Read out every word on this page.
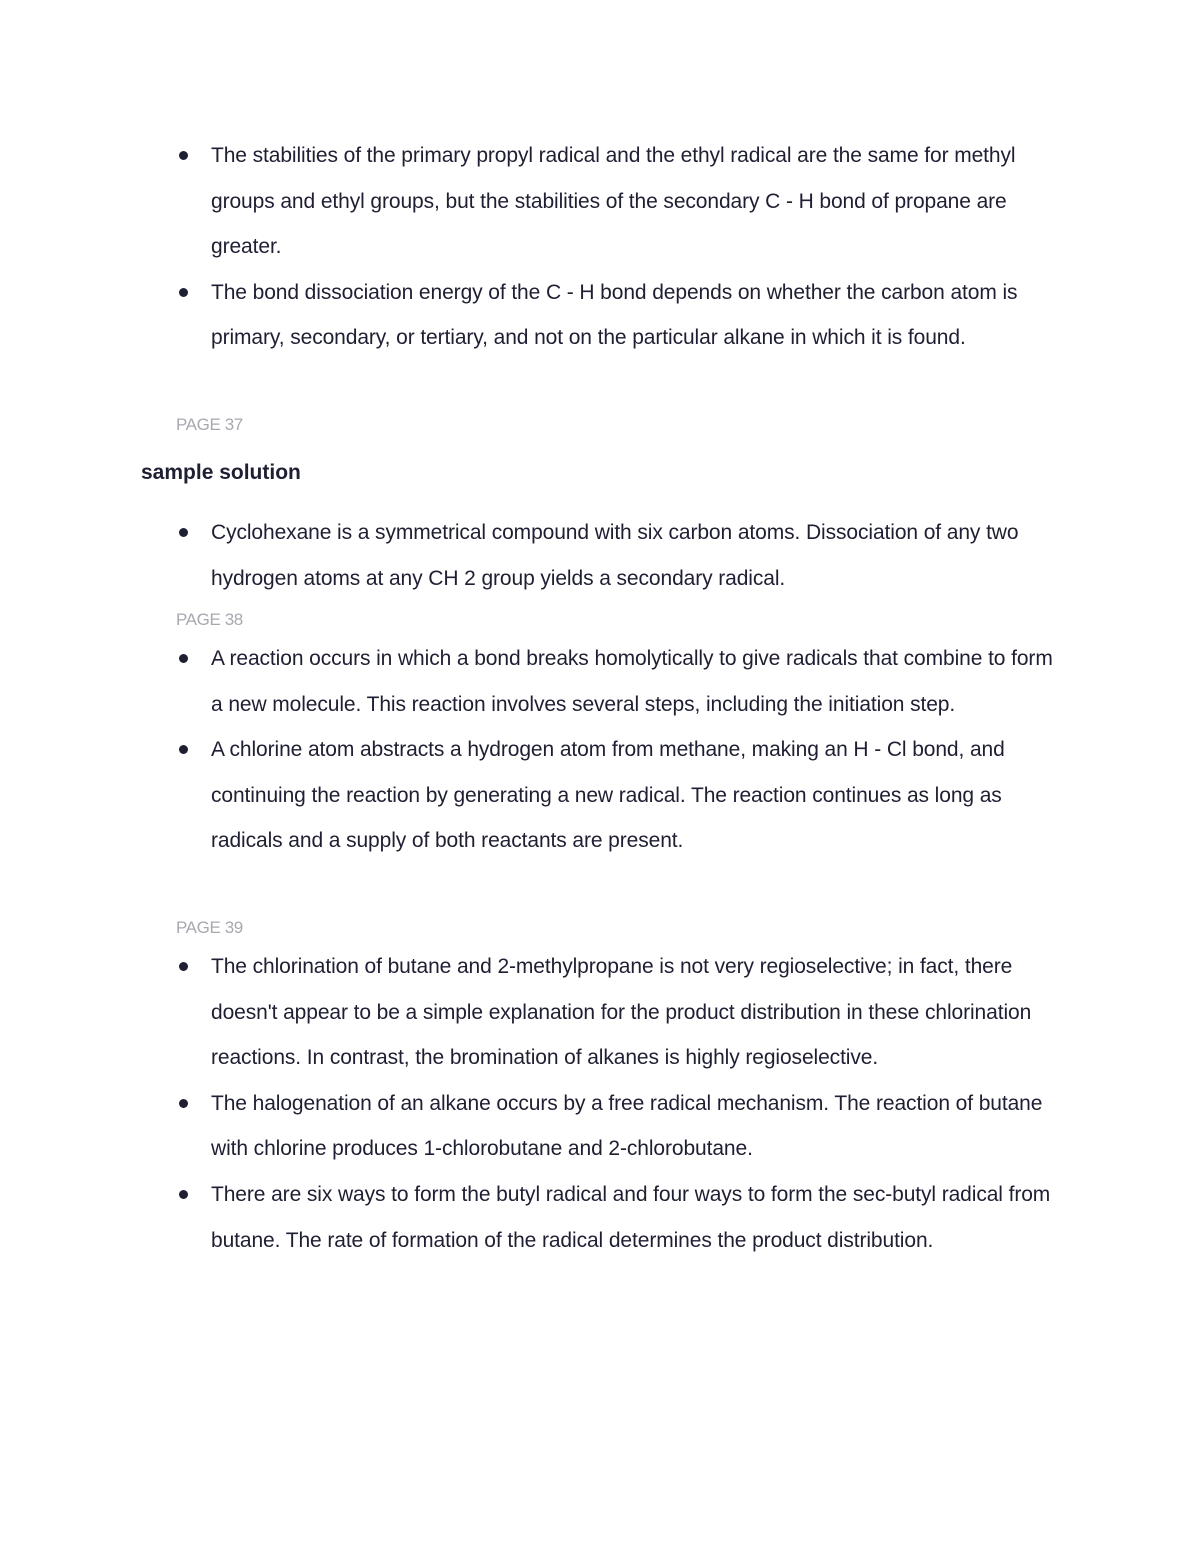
The stabilities of the primary propyl radical and the ethyl radical are the same for methyl groups and ethyl groups, but the stabilities of the secondary C - H bond of propane are greater.
The bond dissociation energy of the C - H bond depends on whether the carbon atom is primary, secondary, or tertiary, and not on the particular alkane in which it is found.
PAGE 37
sample solution
Cyclohexane is a symmetrical compound with six carbon atoms. Dissociation of any two hydrogen atoms at any CH 2 group yields a secondary radical.
PAGE 38
A reaction occurs in which a bond breaks homolytically to give radicals that combine to form a new molecule. This reaction involves several steps, including the initiation step.
A chlorine atom abstracts a hydrogen atom from methane, making an H - Cl bond, and continuing the reaction by generating a new radical. The reaction continues as long as radicals and a supply of both reactants are present.
PAGE 39
The chlorination of butane and 2-methylpropane is not very regioselective; in fact, there doesn't appear to be a simple explanation for the product distribution in these chlorination reactions. In contrast, the bromination of alkanes is highly regioselective.
The halogenation of an alkane occurs by a free radical mechanism. The reaction of butane with chlorine produces 1-chlorobutane and 2-chlorobutane.
There are six ways to form the butyl radical and four ways to form the sec-butyl radical from butane. The rate of formation of the radical determines the product distribution.
